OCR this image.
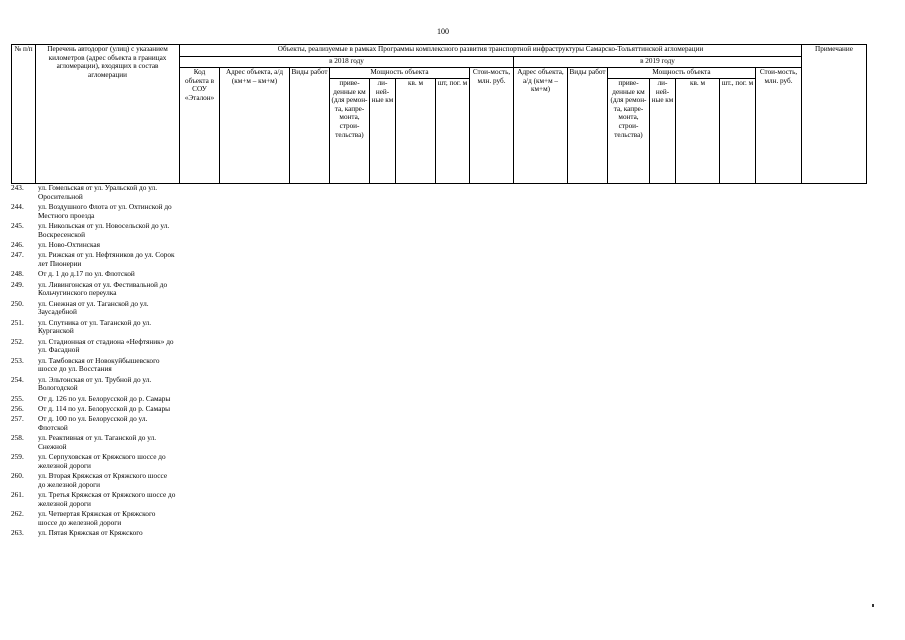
100
№ п/п	Перечень автодорог (улиц) с указанием километров (адрес объекта в границах агломерации), входящих в состав агломерации	Объекты, реализуемые в рамках Программы комплексного развития транспортной инфраструктуры Самарско-Тольяттинской агломерации															Примечание
		в 2018 году								в 2019 году							
		Код объекта в СОУ «Эталон»	Адрес объекта, а/д (км+м – км+м)	Виды работ	Мощность объекта				Стои-мость, млн. руб.	Адрес объекта, а/д (км+м – км+м)	Виды работ	Мощность объекта				Стои-мость, млн. руб.	
					приве-денные км (для ремон-та, капре-монта, строи-тельства)	ли-ней-ные км	кв. м	шт, пог. м				приве-денные км (для ремон-та, капре-монта, строи-тельства)	ли-ней-ные км	кв. м	шт., пог. м		
243.	ул. Гомельская от ул. Уральской до ул. Оросительной
244.	ул. Воздушного Флота от ул. Охтинской до Местного проезда
245.	ул. Никольская от ул. Новосельской до ул. Воскресенской
246.	ул. Ново-Охтинская
247.	ул. Рижская от ул. Нефтяников до ул. Сорок лет Пионерии
248.	От д. 1 до д.17 по ул. Флотской
249.	ул. Ливингонская от ул. Фестивальной до Кольчугинского переулка
250.	ул. Снежная от ул. Таганской до ул. Заусадебной
251.	ул. Спутника от ул. Таганской до ул. Курганской
252.	ул. Стадионная от стадиона «Нефтяник» до ул. Фасадной
253.	ул. Тамбовская от Новокуйбышевского шоссе до ул. Восстания
254.	ул. Эльтонская от ул. Трубной до ул. Вологодской
255.	От д. 126 по ул. Белорусской до р. Самары
256.	От д. 114 по ул. Белорусской до р. Самары
257.	От д. 100 по ул. Белорусской до ул. Флотской
258.	ул. Реактивная от ул. Таганской до ул. Снежной
259.	ул. Серпуховская от Кряжского шоссе до железной дороги
260.	ул. Вторая Кряжская от Кряжского шоссе до железной дороги
261.	ул. Третья Кряжская от Кряжского шоссе до железной дороги
262.	ул. Четвертая Кряжская от Кряжского шоссе до железной дороги
263.	ул. Пятая Кряжская от Кряжского
